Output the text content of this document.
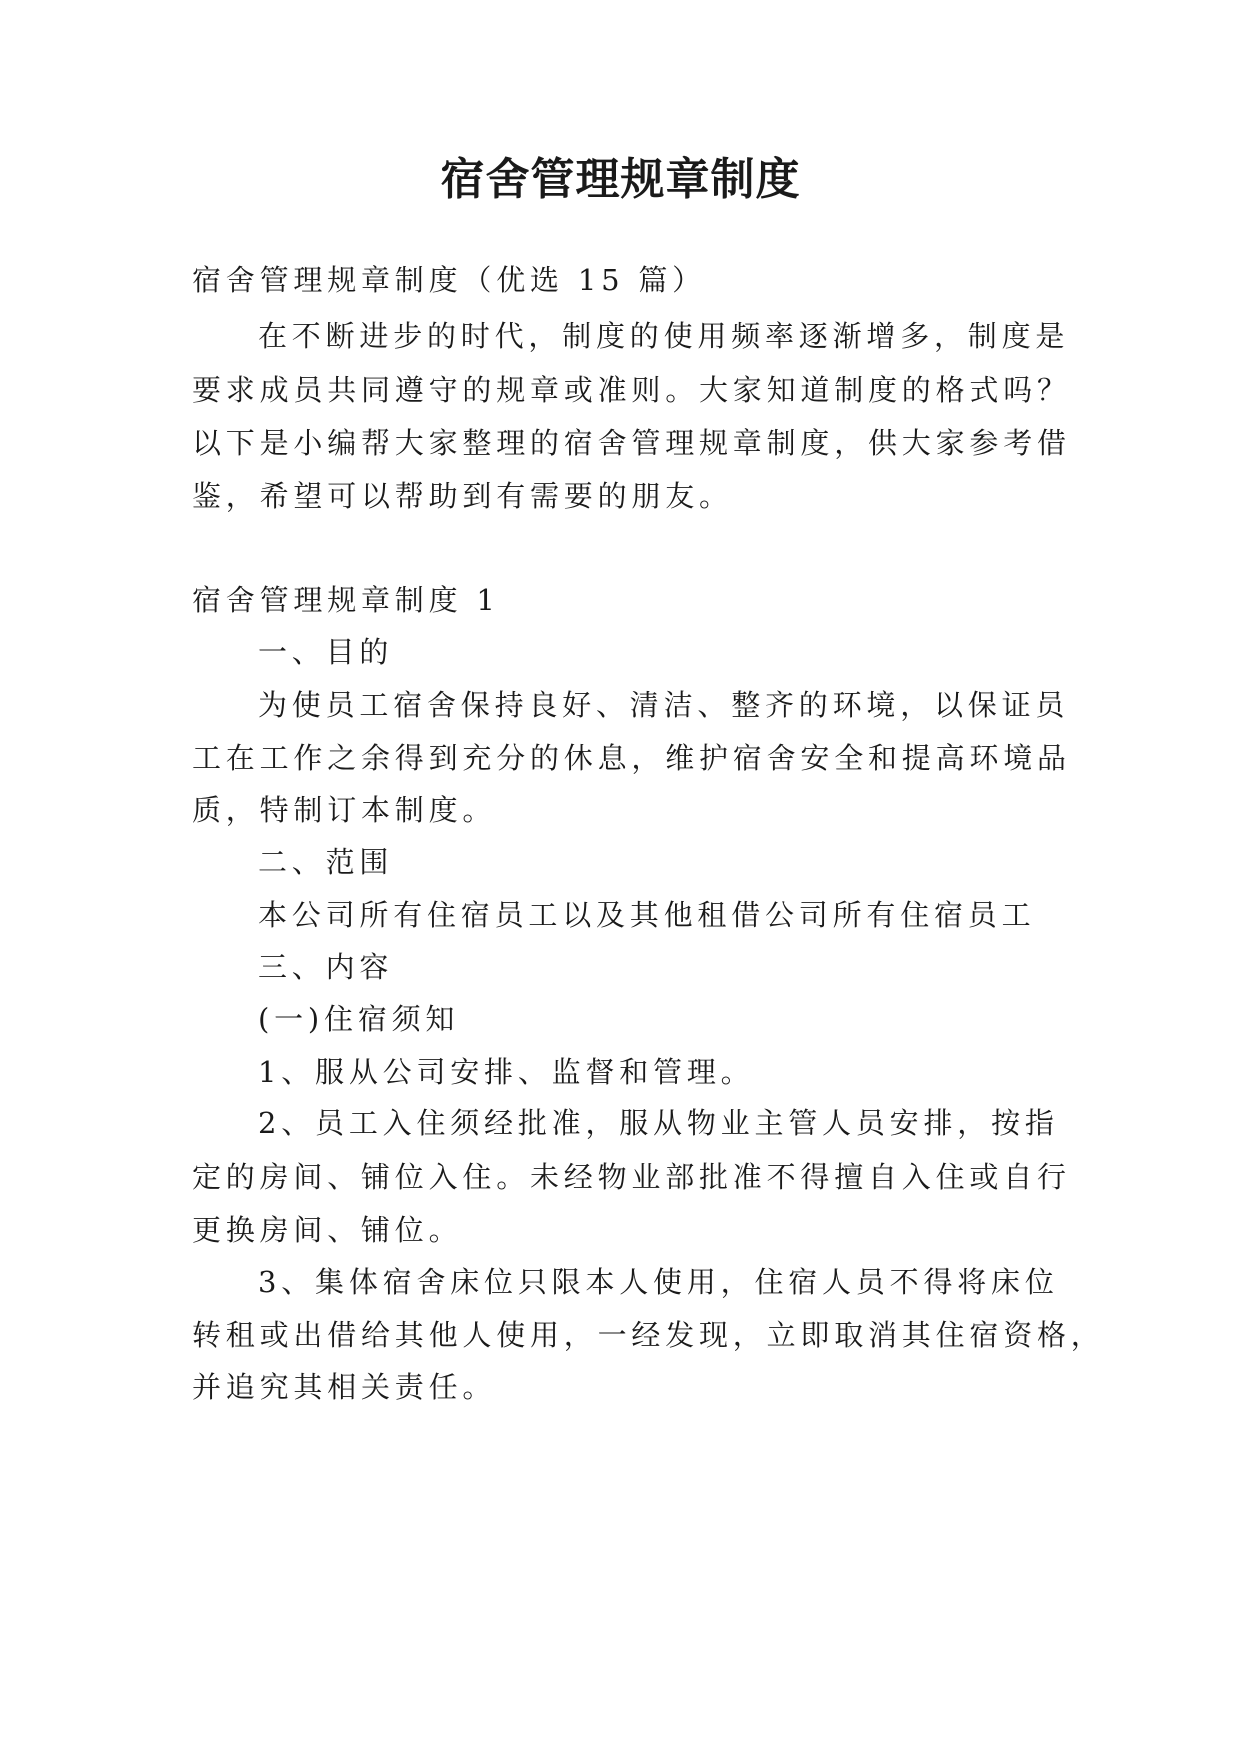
宿舍管理规章制度

宿舍管理规章制度（优选 15 篇）

在不断进步的时代，制度的使用频率逐渐增多，制度是

要求成员共同遵守的规章或准则。大家知道制度的格式吗？

以下是小编帮大家整理的宿舍管理规章制度，供大家参考借

鉴，希望可以帮助到有需要的朋友。

宿舍管理规章制度 1

一、目的

为使员工宿舍保持良好、清洁、整齐的环境，以保证员

工在工作之余得到充分的休息，维护宿舍安全和提高环境品

质，特制订本制度。

二、范围

本公司所有住宿员工以及其他租借公司所有住宿员工

三、内容

(一)住宿须知

1、服从公司安排、监督和管理。

2、员工入住须经批准，服从物业主管人员安排，按指

定的房间、铺位入住。未经物业部批准不得擅自入住或自行

更换房间、铺位。

3、集体宿舍床位只限本人使用，住宿人员不得将床位

转租或出借给其他人使用，一经发现，立即取消其住宿资格，

并追究其相关责任。
